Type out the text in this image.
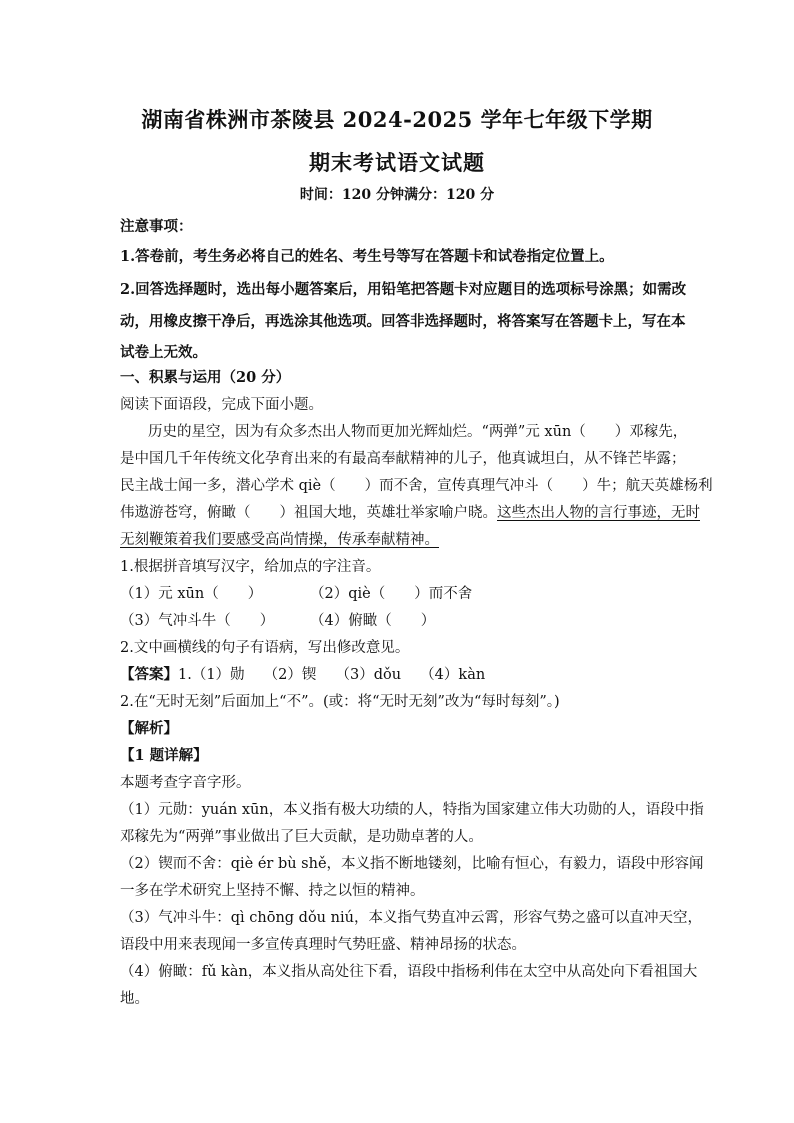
湖南省株洲市茶陵县 2024-2025 学年七年级下学期
期末考试语文试题
时间：120 分钟满分：120 分
注意事项：
1.答卷前，考生务必将自己的姓名、考生号等写在答题卡和试卷指定位置上。
2.回答选择题时，选出每小题答案后，用铅笔把答题卡对应题目的选项标号涂黑；如需改
动，用橡皮擦干净后，再选涂其他选项。回答非选择题时，将答案写在答题卡上，写在本
试卷上无效。
一、积累与运用（20 分）
阅读下面语段，完成下面小题。
历史的星空，因为有众多杰出人物而更加光辉灿烂。“两弹”元 xūn（　　）邓稼先，
是中国几千年传统文化孕育出来的有最高奉献精神的儿子，他真诚坦白，从不锋芒毕露；
民主战士闻一多，潜心学术 qiè（　　）而不舍，宣传真理气冲斗（　　）牛；航天英雄杨利
伟遨游苍穹，俯瞰（　　）祖国大地，英雄壮举家喻户晓。这些杰出人物的言行事迹，无时
无刻鞭策着我们要感受高尚情操，传承奉献精神。
1.根据拼音填写汉字，给加点的字注音。
（1）元 xūn（　　）	（2）qiè（　　）而不舍
（3）气冲斗牛（　　） （4）俯瞰（　　）
2.文中画横线的句子有语病，写出修改意见。
【答案】1.（1）勋　 （2）锲　 （3）dǒu　 （4）kàn
2.在“无时无刻”后面加上“不”。(或：将“无时无刻”改为“每时每刻”。)
【解析】
【1 题详解】
本题考查字音字形。
（1）元勋：yuán xūn，本义指有极大功绩的人，特指为国家建立伟大功勋的人，语段中指
邓稼先为“两弹”事业做出了巨大贡献，是功勋卓著的人。
（2）锲而不舍：qiè ér bù shě，本义指不断地镂刻，比喻有恒心，有毅力，语段中形容闻
一多在学术研究上坚持不懈、持之以恒的精神。
（3）气冲斗牛：qì chōng dǒu niú，本义指气势直冲云霄，形容气势之盛可以直冲天空，
语段中用来表现闻一多宣传真理时气势旺盛、精神昂扬的状态。
（4）俯瞰：fǔ kàn，本义指从高处往下看，语段中指杨利伟在太空中从高处向下看祖国大
地。
